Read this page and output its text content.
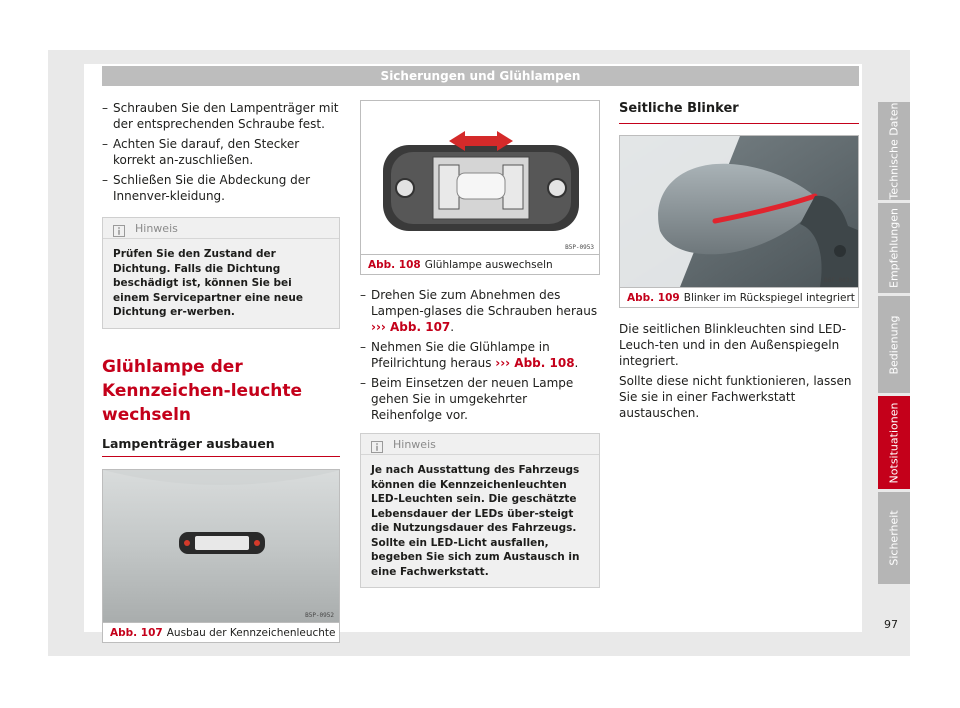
Sicherungen und Glühlampen
– Schrauben Sie den Lampenträger mit der entsprechenden Schraube fest.
– Achten Sie darauf, den Stecker korrekt an-zuschließen.
– Schließen Sie die Abdeckung der Innenver-kleidung.
Hinweis
Prüfen Sie den Zustand der Dichtung. Falls die Dichtung beschädigt ist, können Sie bei einem Servicepartner eine neue Dichtung er-werben.
Glühlampe der Kennzeichen-leuchte wechseln
Lampenträger ausbauen
B5P-0952
Abb. 107 Ausbau der Kennzeichenleuchte
B5P-0953
Abb. 108 Glühlampe auswechseln
– Drehen Sie zum Abnehmen des Lampen-glases die Schrauben heraus ››› Abb. 107.
– Nehmen Sie die Glühlampe in Pfeilrichtung heraus ››› Abb. 108.
– Beim Einsetzen der neuen Lampe gehen Sie in umgekehrter Reihenfolge vor.
Hinweis
Je nach Ausstattung des Fahrzeugs können die Kennzeichenleuchten LED-Leuchten sein. Die geschätzte Lebensdauer der LEDs über-steigt die Nutzungsdauer des Fahrzeugs. Sollte ein LED-Licht ausfallen, begeben Sie sich zum Austausch in eine Fachwerkstatt.
Seitliche Blinker
B6F-0035
Abb. 109 Blinker im Rückspiegel integriert

Die seitlichen Blinkleuchten sind LED-Leuch-ten und in den Außenspiegeln integriert.

Sollte diese nicht funktionieren, lassen Sie sie in einer Fachwerkstatt austauschen.

Technische Daten
Empfehlungen
Bedienung
Notsituationen
Sicherheit
97
